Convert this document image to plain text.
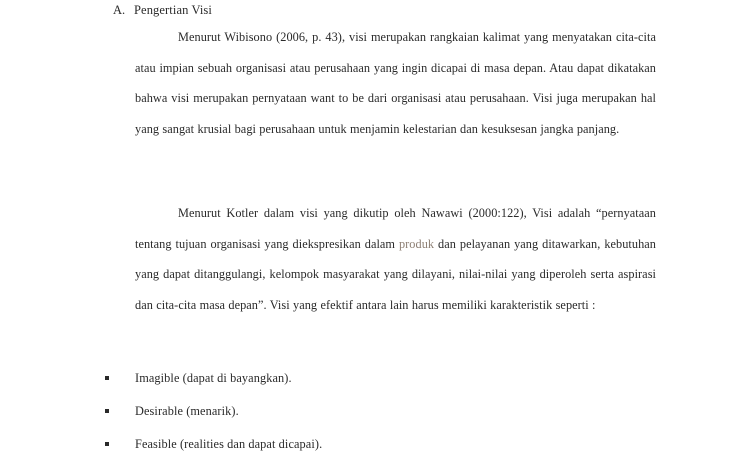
A. Pengertian Visi

Menurut Wibisono (2006, p. 43), visi merupakan rangkaian kalimat yang menyatakan cita-cita atau impian sebuah organisasi atau perusahaan yang ingin dicapai di masa depan. Atau dapat dikatakan bahwa visi merupakan pernyataan want to be dari organisasi atau perusahaan. Visi juga merupakan hal yang sangat krusial bagi perusahaan untuk menjamin kelestarian dan kesuksesan jangka panjang.

Menurut Kotler dalam visi yang dikutip oleh Nawawi (2000:122), Visi adalah “pernyataan tentang tujuan organisasi yang diekspresikan dalam produk dan pelayanan yang ditawarkan, kebutuhan yang dapat ditanggulangi, kelompok masyarakat yang dilayani, nilai-nilai yang diperoleh serta aspirasi dan cita-cita masa depan”. Visi yang efektif antara lain harus memiliki karakteristik seperti :

Imagible (dapat di bayangkan).
Desirable (menarik).
Feasible (realities dan dapat dicapai).
